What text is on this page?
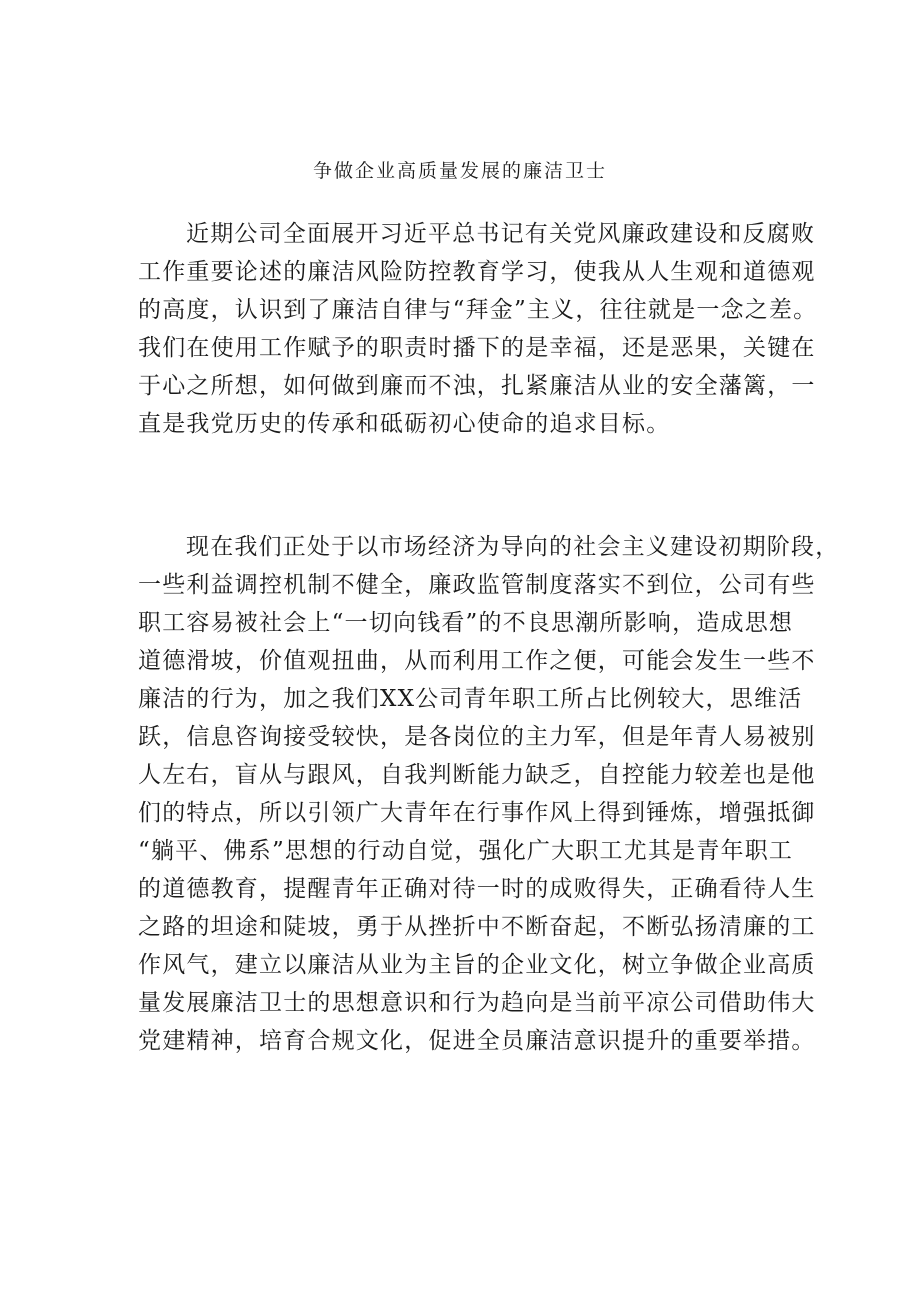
争做企业高质量发展的廉洁卫士
近期公司全面展开习近平总书记有关党风廉政建设和反腐败
工作重要论述的廉洁风险防控教育学习，使我从人生观和道德观
的高度，认识到了廉洁自律与“拜金”主义，往往就是一念之差。
我们在使用工作赋予的职责时播下的是幸福，还是恶果，关键在
于心之所想，如何做到廉而不浊，扎紧廉洁从业的安全藩篱，一
直是我党历史的传承和砥砺初心使命的追求目标。
现在我们正处于以市场经济为导向的社会主义建设初期阶段，
一些利益调控机制不健全，廉政监管制度落实不到位，公司有些
职工容易被社会上“一切向钱看”的不良思潮所影响，造成思想
道德滑坡，价值观扭曲，从而利用工作之便，可能会发生一些不
廉洁的行为，加之我们XX公司青年职工所占比例较大，思维活
跃，信息咨询接受较快，是各岗位的主力军，但是年青人易被别
人左右，盲从与跟风，自我判断能力缺乏，自控能力较差也是他
们的特点，所以引领广大青年在行事作风上得到锤炼，增强抵御
“躺平、佛系”思想的行动自觉，强化广大职工尤其是青年职工
的道德教育，提醒青年正确对待一时的成败得失，正确看待人生
之路的坦途和陡坡，勇于从挫折中不断奋起，不断弘扬清廉的工
作风气，建立以廉洁从业为主旨的企业文化，树立争做企业高质
量发展廉洁卫士的思想意识和行为趋向是当前平凉公司借助伟大
党建精神，培育合规文化，促进全员廉洁意识提升的重要举措。
